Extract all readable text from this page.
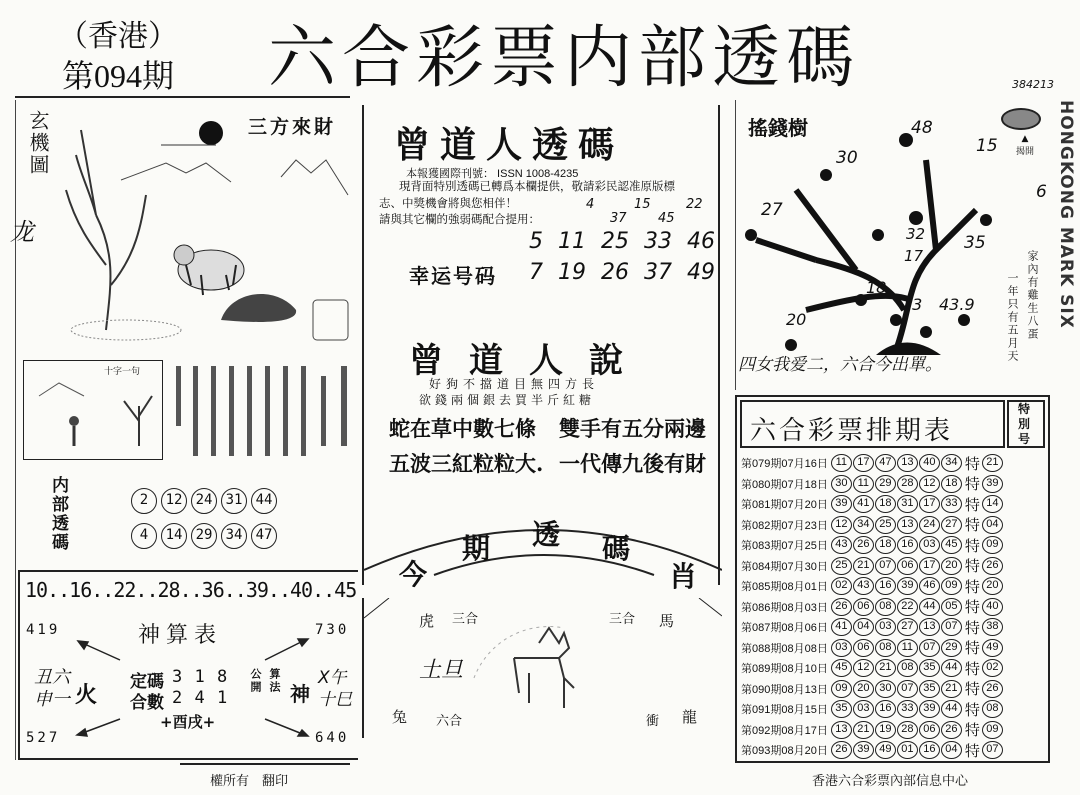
（香港）
第094期 六合彩票内部透碼	384213
玄機圖
龙
三方來財
十字一句
内部透碼	2 12 24 31 44
4 14 29 34 47
10..16..22..28..36..39..40..45
419	730
527	640
神算表
丑六 申一 火 定碼 3 1 8
合數 2 4 1
算法
公開
+酉戌+
神
X午 十巳
曾道人透碼
本報獲國際刊號： ISSN 1008-4235
現背面特別透碼已轉爲本欄提供，敬請彩民認准原版標
志、中獎機會將與您相伴！
請與其它欄的強弱碼配合提用：
4
37
15
45
22
5 11 25 33 46
幸运号码 7 19 26 37 49
曾道人說
好狗不擋道目無四方長
欲錢兩個銀去買半斤紅糖
蛇在草中數七條 雙手有五分兩邊
五波三紅粒粒大. 一代傳九後有財
今
期 透 碼
肖
虎 三合	三合 馬
土旦
兔 六合	衝 龍
搖錢樹	▲
揭開
48
15
30
6
27
32
17
35
18
20
23 43.9	家內有雞生八蛋
一年只有五月天
四女我爱二，六合今出單。
HONGKONG MARK SIX
六合彩票排期表
特別号
第079期07月16日 11 17 47 13 40 34 特 21
第080期07月18日 30 11 29 28 12 18 特 39
第081期07月20日 39 41 18 31 17 33 特 14
第082期07月23日 12 34 25 13 24 27 特 04
第083期07月25日 43 26 18 16 03 45 特 09
第084期07月30日 25 21 07 06 17 20 特 26
第085期08月01日 02 43 16 39 46 09 特 20
第086期08月03日 26 06 08 22 44 05 特 40
第087期08月06日 41 04 03 27 13 07 特 38
第088期08月08日 03 06 08 11 07 29 特 49
第089期08月10日 45 12 21 08 35 44 特 02
第090期08月13日 09 20 30 07 35 21 特 26
第091期08月15日 35 03 16 33 39 44 特 08
第092期08月17日 13 21 19 28 06 26 特 09
第093期08月20日 26 39 49 01 16 04 特 07
權所有　翻印	香港六合彩票內部信息中心
